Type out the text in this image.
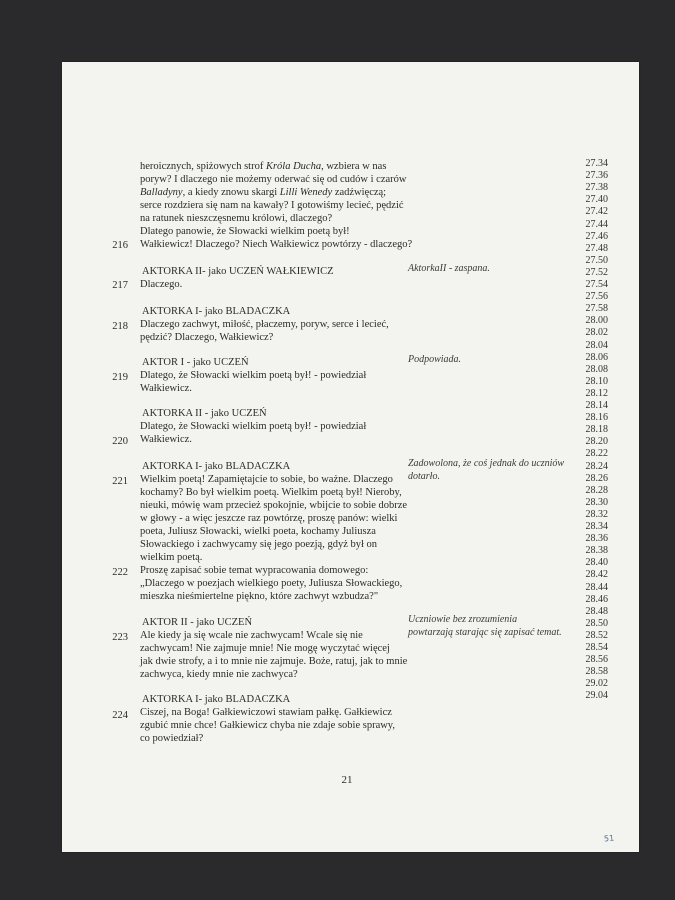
heroicznych, spiżowych strof Króla Ducha, wzbiera w nas
poryw? I dlaczego nie możemy oderwać się od cudów i czarów
Balladyny, a kiedy znowu skargi Lilli Wenedy zadźwięczą;
serce rozdziera się nam na kawały? I gotowiśmy lecieć, pędzić
na ratunek nieszczęsnemu królowi, dlaczego?
Dlatego panowie, że Słowacki wielkim poetą był!
216 Wałkiewicz! Dlaczego? Niech Wałkiewicz powtórzy - dlaczego?
AKTORKA II- jako UCZEŃ WAŁKIEWICZ
217 Dlaczego.
AktorkaII - zaspana.
AKTORKA I- jako BLADACZKA
218 Dlaczego zachwyt, miłość, płaczemy, poryw, serce i lecieć,
pędzić? Dlaczego, Wałkiewicz?
AKTOR I - jako UCZEŃ
219 Dlatego, że Słowacki wielkim poetą był! - powiedział
Wałkiewicz.
Podpowiada.
AKTORKA II - jako UCZEŃ
Dlatego, że Słowacki wielkim poetą był! - powiedział
220 Wałkiewicz.
AKTORKA I- jako BLADACZKA
221 Wielkim poetą! Zapamiętajcie to sobie, bo ważne. Dlaczego
kochamy? Bo był wielkim poetą. Wielkim poetą był! Nieroby,
nieuki, mówię wam przecież spokojnie, wbijcie to sobie dobrze
w głowy - a więc jeszcze raz powtórzę, proszę panów: wielki
poeta, Juliusz Słowacki, wielki poeta, kochamy Juliusza
Słowackiego i zachwycamy się jego poezją, gdyż był on
wielkim poetą.
Zadowolona, że coś jednak do uczniów
dotarło.
222 Proszę zapisać sobie temat wypracowania domowego:
„Dlaczego w poezjach wielkiego poety, Juliusza Słowackiego,
mieszka nieśmiertelne piękno, które zachwyt wzbudza?"
AKTOR II - jako UCZEŃ
223 Ale kiedy ja się wcale nie zachwycam! Wcale się nie
zachwycam! Nie zajmuje mnie! Nie mogę wyczytać więcej
jak dwie strofy, a i to mnie nie zajmuje. Boże, ratuj, jak to mnie
zachwyca, kiedy mnie nie zachwyca?
Uczniowie bez zrozumienia
powtarzają starając się zapisać temat.
AKTORKA I- jako BLADACZKA
224 Ciszej, na Boga! Gałkiewiczowi stawiam pałkę. Gałkiewicz
zgubić mnie chce! Gałkiewicz chyba nie zdaje sobie sprawy,
co powiedział?
27.34
27.36
27.38
27.40
27.42
27.44
27.46
27.48
27.50
27.52
27.54
27.56
27.58
28.00
28.02
28.04
28.06
28.08
28.10
28.12
28.14
28.16
28.18
28.20
28.22
28.24
28.26
28.28
28.30
28.32
28.34
28.36
28.38
28.40
28.42
28.44
28.46
28.48
28.50
28.52
28.54
28.56
28.58
29.02
29.04
21
51
